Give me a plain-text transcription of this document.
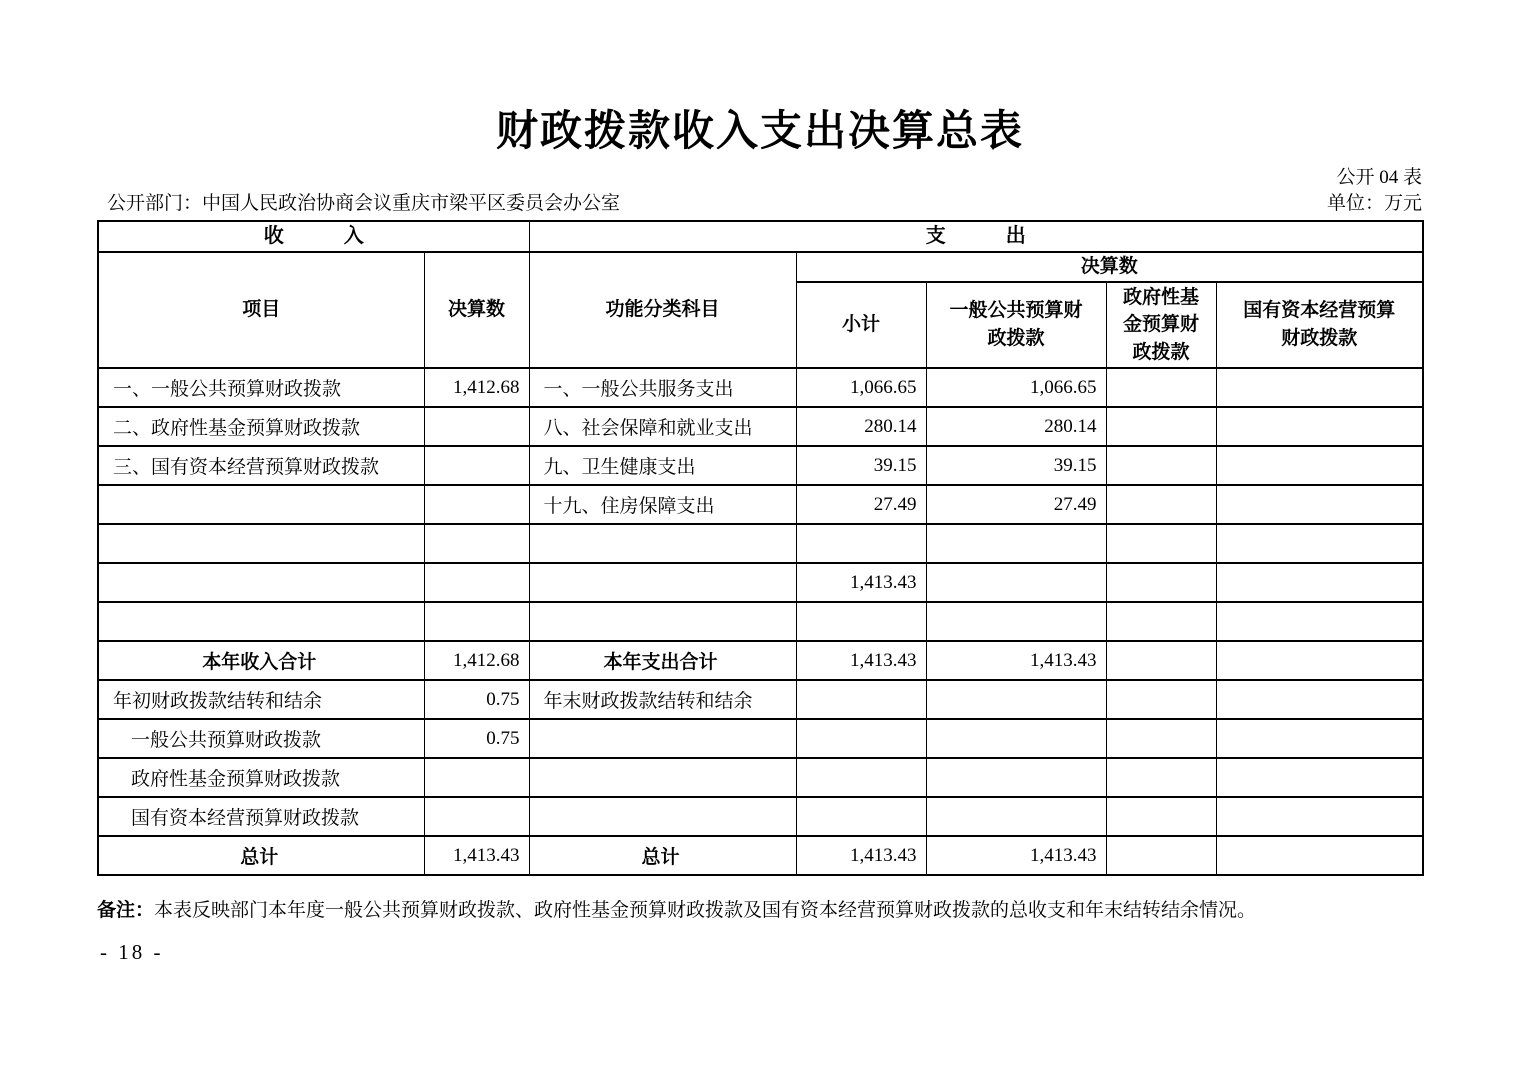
财政拨款收入支出决算总表
公开 04 表
公开部门：中国人民政治协商会议重庆市梁平区委员会办公室	单位：万元
收　　　入		支　　　出				
项目	决算数	功能分类科目	决算数			
			小计	一般公共预算财政拨款	政府性基金预算财政拨款	国有资本经营预算财政拨款
一、一般公共预算财政拨款	1,412.68	一、一般公共服务支出	1,066.65	1,066.65		
二、政府性基金预算财政拨款		八、社会保障和就业支出	280.14	280.14		
三、国有资本经营预算财政拨款		九、卫生健康支出	39.15	39.15		
		十九、住房保障支出	27.49	27.49		

			1,413.43			

本年收入合计	1,412.68	本年支出合计	1,413.43	1,413.43		
年初财政拨款结转和结余	0.75	年末财政拨款结转和结余				
一般公共预算财政拨款	0.75					
政府性基金预算财政拨款						
国有资本经营预算财政拨款						
总计	1,413.43	总计	1,413.43	1,413.43		
备注：本表反映部门本年度一般公共预算财政拨款、政府性基金预算财政拨款及国有资本经营预算财政拨款的总收支和年末结转结余情况。
- 18 -
